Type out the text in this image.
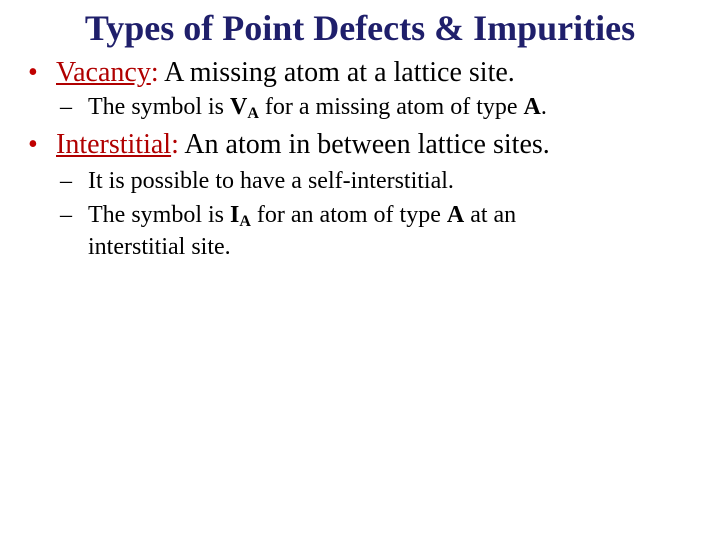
Types of Point Defects & Impurities
• Vacancy: A missing atom at a lattice site.
– The symbol is $V_A$ for a missing atom of type A.
• Interstitial: An atom in between lattice sites.
– It is possible to have a self-interstitial.
– The symbol is $I_A$ for an atom of type A at an
interstitial site.
